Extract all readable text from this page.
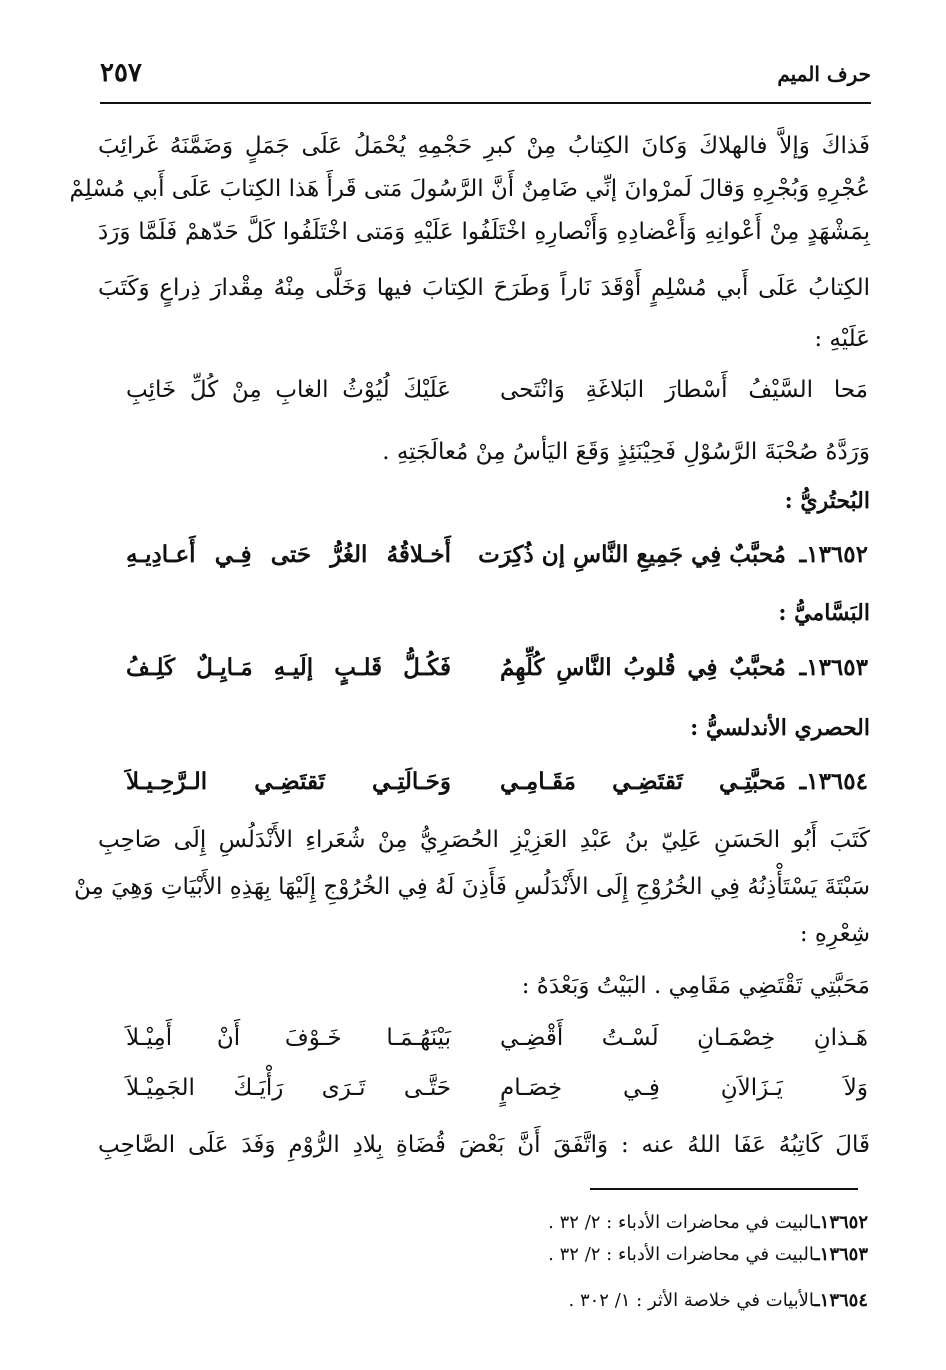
حرف الميم
٢٥٧
فَذاكَ وَإلاَّ فالهلاكَ وَكانَ الكِتابُ مِنْ كبرِ حَجْمِهِ يُحْمَلُ عَلَى جَمَلٍ وَضَمَّنَهُ غَرائِبَ
عُجْرِهِ وَبُجْرِهِ وَقالَ لَمرْوانَ إنِّي ضَامِنٌ أَنَّ الرَّسُولَ مَتى قَرأَ هَذا الكِتابَ عَلَى أَبي مُسْلِمْ
بِمَشْهَدٍ مِنْ أَعْوانِهِ وَأَعْضادِهِ وَأَنْصارِهِ اخْتَلَفُوا عَلَيْهِ وَمَتى اخْتَلَفُوا كَلَّ حَدّهمْ فَلَمَّا وَرَدَ
الكِتابُ عَلَى أَبي مُسْلِمٍ أَوْقَدَ نَاراً وَطَرَحَ الكِتابَ فيها وَخَلَّى مِنْهُ مِقْدارَ ذِراعٍ وَكَتَبَ
عَلَيْهِ :
مَحا السَّيْفُ أَسْطارَ البَلاغَةِ وَانْتَحى
عَلَيْكَ لُيُوْثُ الغابِ مِنْ كُلِّ خَائِبِ
وَرَدَّهُ صُحْبَةَ الرَّسُوْلِ فَحِيْنَئِذٍ وَقَعَ اليَأسُ مِنْ مُعالَجَتِهِ .
البُحتُريُّ :
١٣٦٥٢ـ
مُحبَّبٌ فِي جَمِيعِ النَّاسِ إن ذُكِرَت
أَخـلاقُهُ الغُرُّ حَتى فِـي أَعـادِيـهِ
البَسَّاميُّ :
١٣٦٥٣ـ
مُحبَّبٌ فِي قُلوبُ النَّاسِ كُلِّهِمُ
فَكُـلُّ قَلـبٍ إلَيـهِ مَـايِـلٌ كَلِـفُ
الحصري الأندلسيُّ :
١٣٦٥٤ـ
مَحبَّتِـي تَقتَضِـي مَقَـامِـي
وَحَـالَتِـي تَقتَضِـي الـرَّحِـيـلاَ
كَتَبَ أَبُو الحَسَنِ عَلِيّ بنُ عَبْدِ العَزِيْزِ الحُصَرِيُّ مِنْ شُعَراءِ الأَنْدَلُسِ إِلَى صَاحِبِ
سَبْتَةَ يَسْتَأْذِنُهُ فِي الخُرُوْجِ إِلَى الأَنْدَلُسِ فَأَذِنَ لَهُ فِي الخُرُوْجِ إِلَيْهَا بِهَذِهِ الأَبْيَاتِ وَهِيَ مِنْ
شِعْرِهِ :
مَحَبَّتِي تَقْتَضِي مَقَامِي . البَيْتُ وَبَعْدَهُ :
هَـذانِ خِصْمَـانِ لَسْـتُ أَقْضِـي
بَيْنَهُـمَـا خَـوْفَ أَنْ أَمِيْـلاَ
وَلاَ يَـزَالاَنِ فِـي خِصَـامٍ
حَتَّـى تَـرَى رَأْيَـكَ الجَمِيْـلاَ
قَالَ كَاتِبُهُ عَفَا اللهُ عنه : وَاتَّفَقَ أَنَّ بَعْضَ قُضَاةِ بِلادِ الرُّوْمِ وَفَدَ عَلَى الصَّاحِبِ
١٣٦٥٢ـالبيت في محاضرات الأدباء : ٢/ ٣٢ .
١٣٦٥٣ـالبيت في محاضرات الأدباء : ٢/ ٣٢ .
١٣٦٥٤ـالأبيات في خلاصة الأثر : ١/ ٣٠٢ .
